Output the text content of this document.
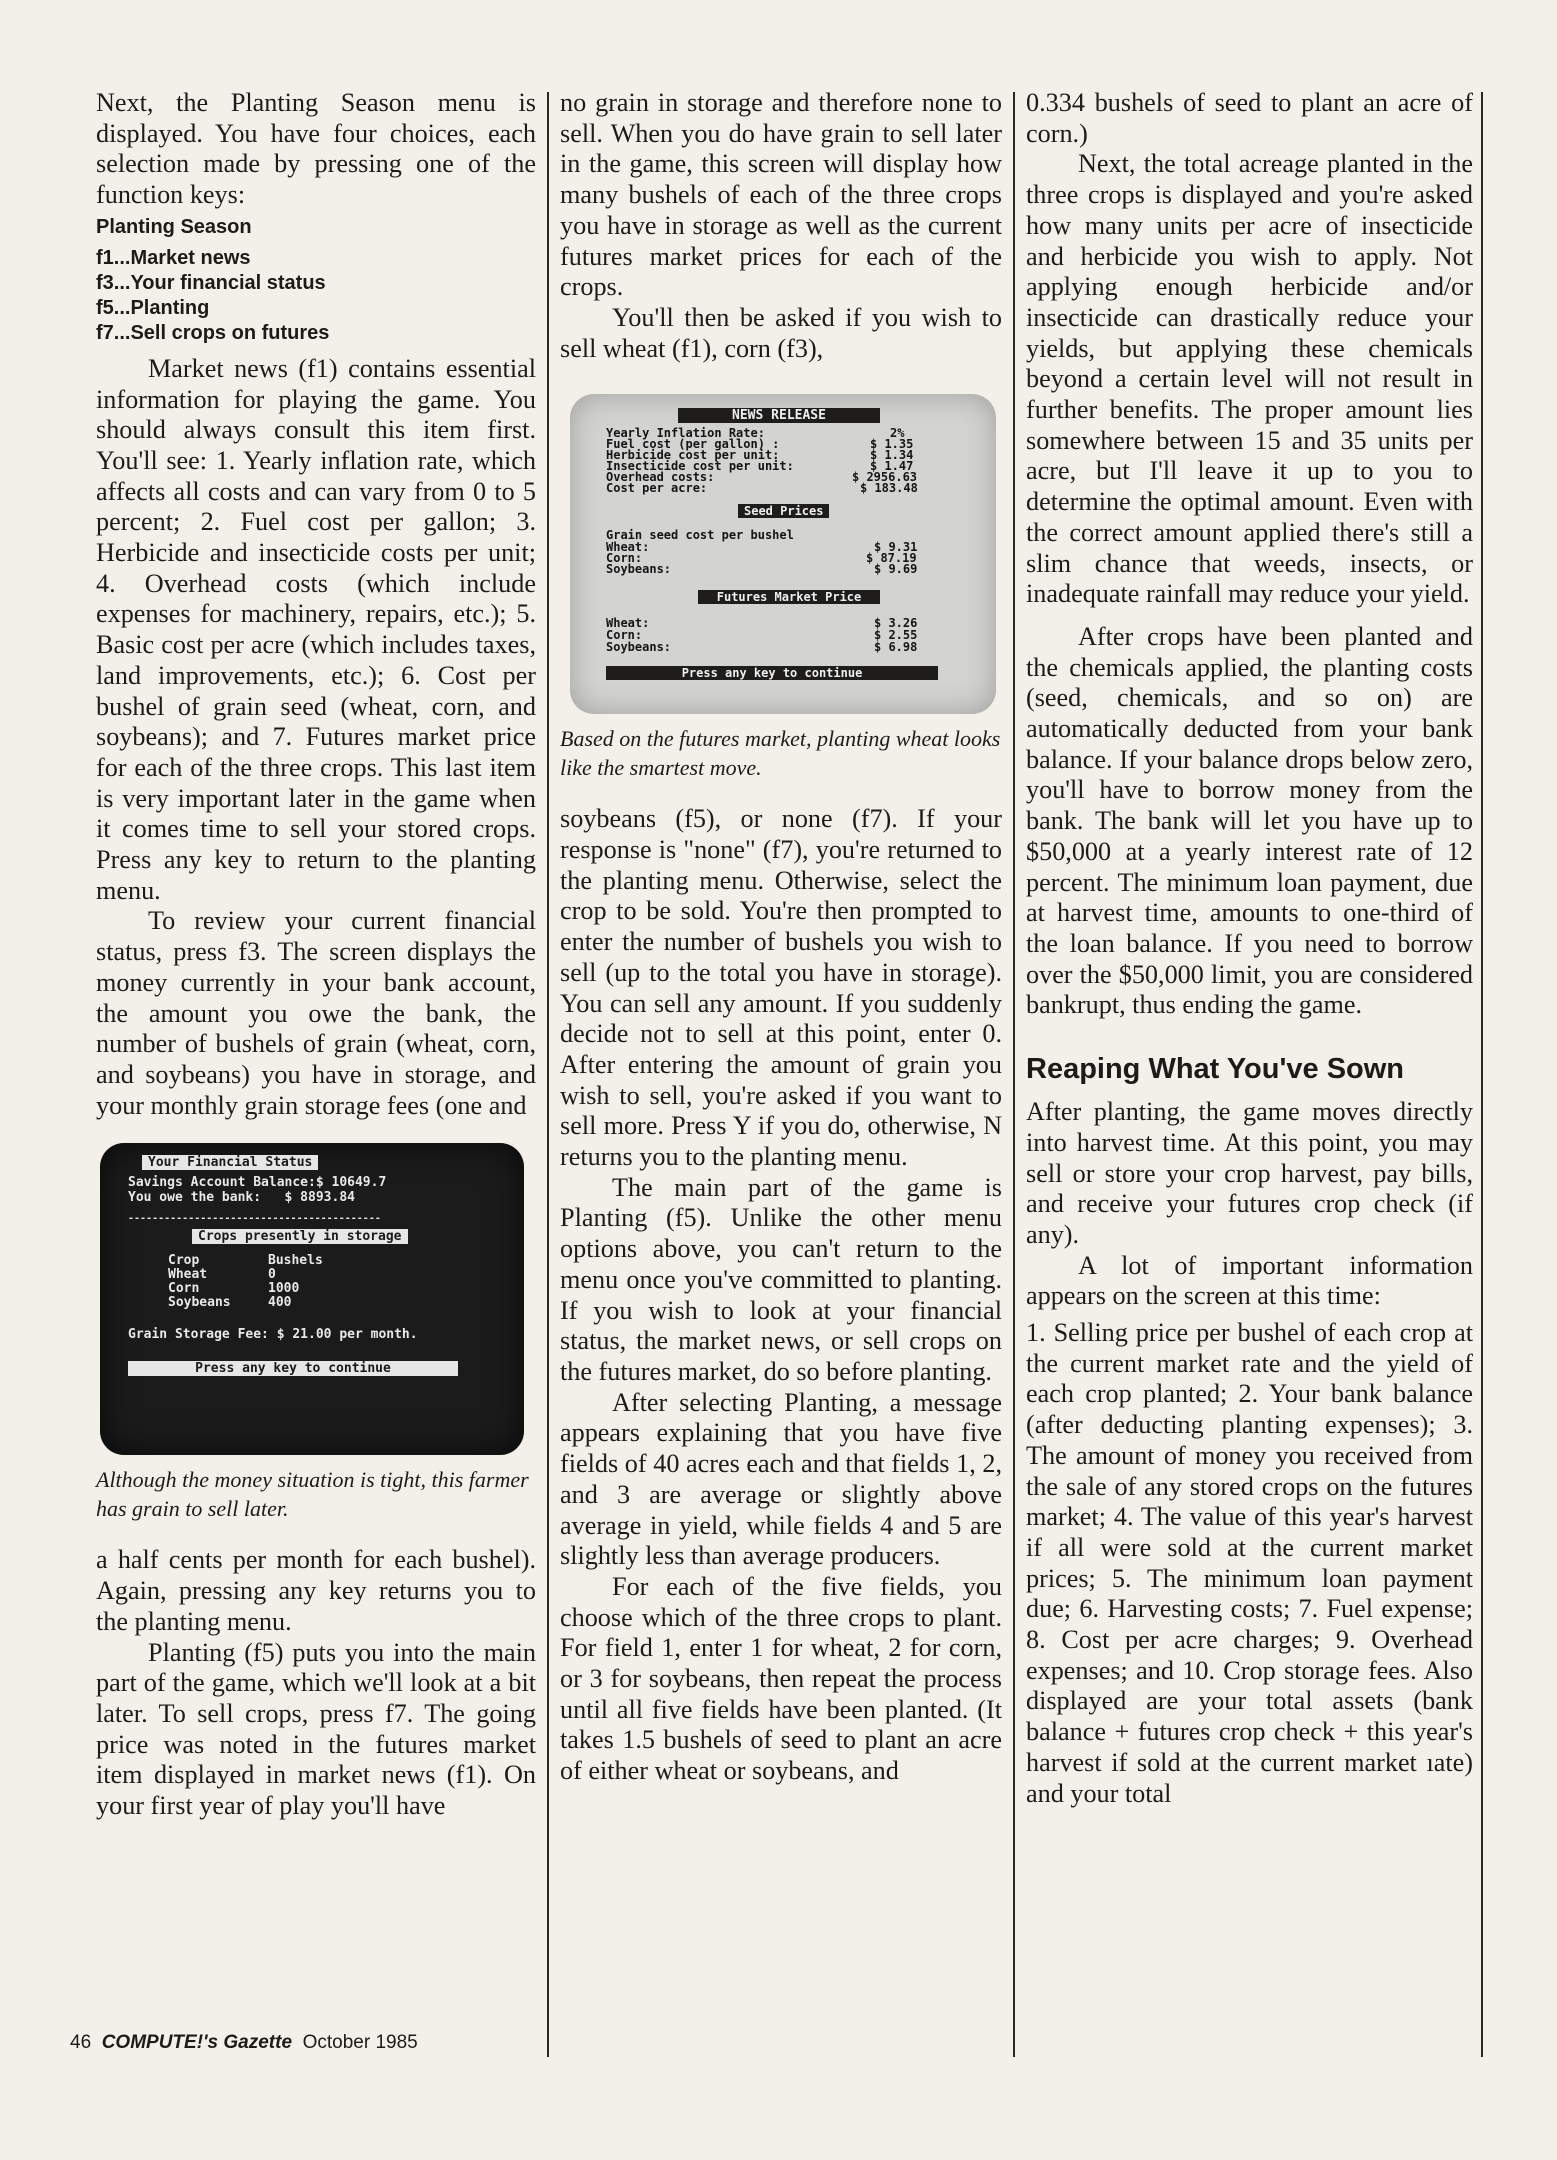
Next, the Planting Season menu is displayed. You have four choices, each selection made by pressing one of the function keys:

Planting Season
f1...Market news
f3...Your financial status
f5...Planting
f7...Sell crops on futures

Market news (f1) contains essential information for playing the game. You should always consult this item first. You'll see: 1. Yearly inflation rate, which affects all costs and can vary from 0 to 5 percent; 2. Fuel cost per gallon; 3. Herbicide and insecticide costs per unit; 4. Overhead costs (which include expenses for machinery, repairs, etc.); 5. Basic cost per acre (which includes taxes, land improvements, etc.); 6. Cost per bushel of grain seed (wheat, corn, and soybeans); and 7. Futures market price for each of the three crops. This last item is very important later in the game when it comes time to sell your stored crops. Press any key to return to the planting menu.

To review your current financial status, press f3. The screen displays the money currently in your bank account, the amount you owe the bank, the number of bushels of grain (wheat, corn, and soybeans) you have in storage, and your monthly grain storage fees (one and

Your Financial Status
Savings Account Balance:$ 10649.7
You owe the bank:   $ 8893.84
------------------------------------------
Crops presently in storage
Crop	Bushels
Wheat	0
Corn	1000
Soybeans	400
Grain Storage Fee: $ 21.00 per month.
Press any key to continue

Although the money situation is tight, this farmer has grain to sell later.

a half cents per month for each bushel). Again, pressing any key returns you to the planting menu.

Planting (f5) puts you into the main part of the game, which we'll look at a bit later. To sell crops, press f7. The going price was noted in the futures market item displayed in market news (f1). On your first year of play you'll have

no grain in storage and therefore none to sell. When you do have grain to sell later in the game, this screen will display how many bushels of each of the three crops you have in storage as well as the current futures market prices for each of the crops.

You'll then be asked if you wish to sell wheat (f1), corn (f3),

NEWS RELEASE
Yearly Inflation Rate:	2%
Fuel cost (per gallon) :	$ 1.35
Herbicide cost per unit:	$ 1.34
Insecticide cost per unit:	$ 1.47
Overhead costs:	$ 2956.63
Cost per acre:	$ 183.48
Seed Prices
Grain seed cost per bushel
Wheat:	$ 9.31
Corn:	$ 87.19
Soybeans:	$ 9.69
Futures Market Price
Wheat:	$ 3.26
Corn:	$ 2.55
Soybeans:	$ 6.98
Press any key to continue

Based on the futures market, planting wheat looks like the smartest move.

soybeans (f5), or none (f7). If your response is "none" (f7), you're returned to the planting menu. Otherwise, select the crop to be sold. You're then prompted to enter the number of bushels you wish to sell (up to the total you have in storage). You can sell any amount. If you suddenly decide not to sell at this point, enter 0. After entering the amount of grain you wish to sell, you're asked if you want to sell more. Press Y if you do, otherwise, N returns you to the planting menu.

The main part of the game is Planting (f5). Unlike the other menu options above, you can't return to the menu once you've committed to planting. If you wish to look at your financial status, the market news, or sell crops on the futures market, do so before planting.

After selecting Planting, a message appears explaining that you have five fields of 40 acres each and that fields 1, 2, and 3 are average or slightly above average in yield, while fields 4 and 5 are slightly less than average producers.

For each of the five fields, you choose which of the three crops to plant. For field 1, enter 1 for wheat, 2 for corn, or 3 for soybeans, then repeat the process until all five fields have been planted. (It takes 1.5 bushels of seed to plant an acre of either wheat or soybeans, and

0.334 bushels of seed to plant an acre of corn.)

Next, the total acreage planted in the three crops is displayed and you're asked how many units per acre of insecticide and herbicide you wish to apply. Not applying enough herbicide and/or insecticide can drastically reduce your yields, but applying these chemicals beyond a certain level will not result in further benefits. The proper amount lies somewhere between 15 and 35 units per acre, but I'll leave it up to you to determine the optimal amount. Even with the correct amount applied there's still a slim chance that weeds, insects, or inadequate rainfall may reduce your yield.

After crops have been planted and the chemicals applied, the planting costs (seed, chemicals, and so on) are automatically deducted from your bank balance. If your balance drops below zero, you'll have to borrow money from the bank. The bank will let you have up to $50,000 at a yearly interest rate of 12 percent. The minimum loan payment, due at harvest time, amounts to one-third of the loan balance. If you need to borrow over the $50,000 limit, you are considered bankrupt, thus ending the game.

Reaping What You've Sown

After planting, the game moves directly into harvest time. At this point, you may sell or store your crop harvest, pay bills, and receive your futures crop check (if any).

A lot of important information appears on the screen at this time:

1. Selling price per bushel of each crop at the current market rate and the yield of each crop planted; 2. Your bank balance (after deducting planting expenses); 3. The amount of money you received from the sale of any stored crops on the futures market; 4. The value of this year's harvest if all were sold at the current market prices; 5. The minimum loan payment due; 6. Harvesting costs; 7. Fuel expense; 8. Cost per acre charges; 9. Overhead expenses; and 10. Crop storage fees. Also displayed are your total assets (bank balance + futures crop check + this year's harvest if sold at the current market ıate) and your total

46 COMPUTE!'s Gazette October 1985
